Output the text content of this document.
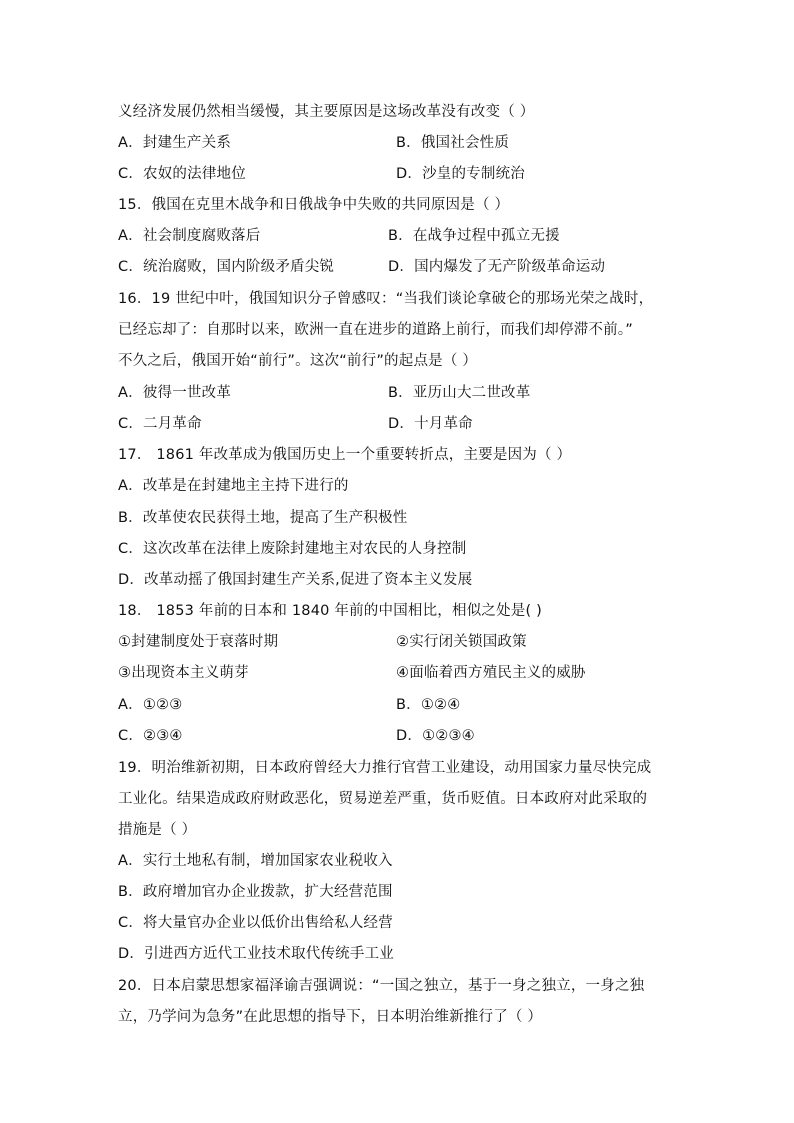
义经济发展仍然相当缓慢，其主要原因是这场改革没有改变（ ）
A．封建生产关系	B．俄国社会性质
C．农奴的法律地位	D．沙皇的专制统治
15．俄国在克里木战争和日俄战争中失败的共同原因是（ ）
A．社会制度腐败落后	B．在战争过程中孤立无援
C．统治腐败，国内阶级矛盾尖锐	D．国内爆发了无产阶级革命运动
16．19 世纪中叶，俄国知识分子曾感叹：“当我们谈论拿破仑的那场光荣之战时，
已经忘却了：自那时以来，欧洲一直在进步的道路上前行，而我们却停滞不前。”
不久之后，俄国开始“前行”。这次“前行”的起点是（ ）
A．彼得一世改革	B．亚历山大二世改革
C．二月革命	D．十月革命
17． 1861 年改革成为俄国历史上一个重要转折点，主要是因为（ ）
A．改革是在封建地主主持下进行的
B．改革使农民获得土地，提高了生产积极性
C．这次改革在法律上废除封建地主对农民的人身控制
D．改革动摇了俄国封建生产关系,促进了资本主义发展
18． 1853 年前的日本和 1840 年前的中国相比，相似之处是( )
①封建制度处于衰落时期	②实行闭关锁国政策
③出现资本主义萌芽	④面临着西方殖民主义的威胁
A．①②③	B．①②④
C．②③④	D．①②③④
19．明治维新初期，日本政府曾经大力推行官营工业建设，动用国家力量尽快完成
工业化。结果造成政府财政恶化，贸易逆差严重，货币贬值。日本政府对此采取的
措施是（ ）
A．实行土地私有制，增加国家农业税收入
B．政府增加官办企业拨款，扩大经营范围
C．将大量官办企业以低价出售给私人经营
D．引进西方近代工业技术取代传统手工业
20．日本启蒙思想家福泽谕吉强调说：“一国之独立，基于一身之独立，一身之独
立，乃学问为急务”在此思想的指导下，日本明治维新推行了（ ）
